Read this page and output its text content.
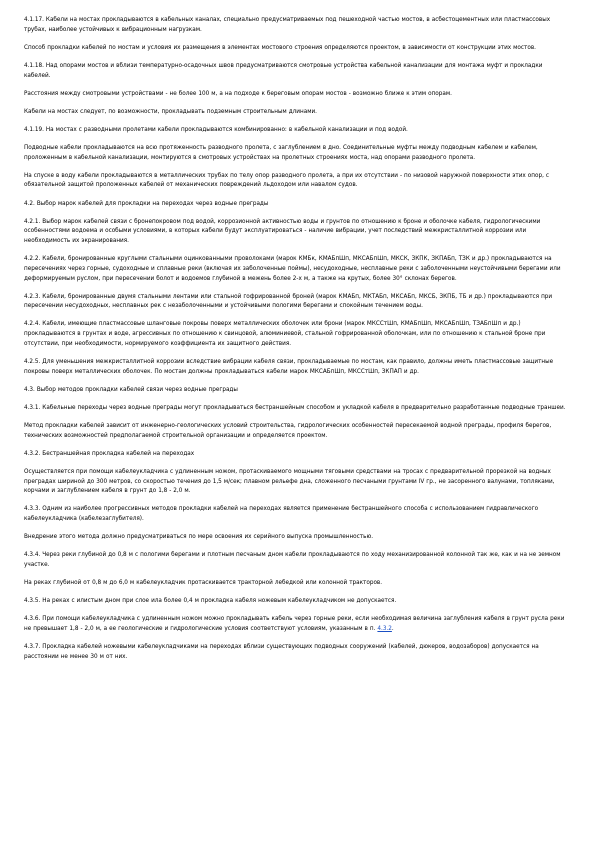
4.1.17. Кабели на мостах прокладываются в кабельных каналах, специально предусматриваемых под пешеходной частью мостов, в асбестоцементных или пластмассовых трубах, наиболее устойчивых к вибрационным нагрузкам.

Способ прокладки кабелей по мостам и условия их размещения в элементах мостового строения определяются проектом, в зависимости от конструкции этих мостов.

4.1.18. Над опорами мостов и вблизи температурно-осадочных швов предусматриваются смотровые устройства кабельной канализации для монтажа муфт и прокладки кабелей.

Расстояния между смотровыми устройствами - не более 100 м, а на подходе к береговым опорам мостов - возможно ближе к этим опорам.

Кабели на мостах следует, по возможности, прокладывать подземным строительным длинами.

4.1.19. На мостах с разводными пролетами кабели прокладываются комбинированно: в кабельной канализации и под водой.

Подводные кабели прокладываются на всю протяженность разводного пролета, с заглублением в дно. Соединительные муфты между подводным кабелем и кабелем, проложенным в кабельной канализации, монтируются в смотровых устройствах на пролетных строениях моста, над опорами разводного пролета.

На спуске в воду кабели прокладываются в металлических трубах по телу опор разводного пролета, а при их отсутствии - по низовой наружной поверхности этих опор, с обязательной защитой проложенных кабелей от механических повреждений льдоходом или навалом судов.

4.2. Выбор марок кабелей для прокладки на переходах через водные преграды

4.2.1. Выбор марок кабелей связи с бронепокровом под водой, коррозионной активностью воды и грунтов по отношению к броне и оболочке кабеля, гидрологическими особенностями водоема и особыми условиями, в которых кабели будут эксплуатироваться - наличие вибрации, учет последствий межкристаллитной коррозии или необходимость их экранирования.

4.2.2. Кабели, бронированные круглыми стальными оцинкованными проволоками (марок КМБк, КМАБпШп, МКСАБпШп, МКСК, ЗКПК, ЗКПАБп, ТЗК и др.) прокладываются на пересечениях через горные, судоходные и сплавные реки (включая их заболоченные поймы), несудоходные, несплавные реки с заболоченными неустойчивыми берегами или деформируемым руслом, при пересечении болот и водоемов глубиной в межень более 2-х м, а также на крутых, более 30° склонах берегов.

4.2.3. Кабели, бронированные двумя стальными лентами или стальной гофрированной броней (марок КМАБп, МКТАБп, МКСАБп, МКСБ, ЗКПБ, ТБ и др.) прокладываются при пересечении несудоходных, несплавных рек с незаболоченными и устойчивыми пологими берегами и спокойным течением воды.

4.2.4. Кабели, имеющие пластмассовые шланговые покровы поверх металлических оболочек или брони (марок МКССтШп, КМАБпШп, МКСАБпШп, ТЗАБпШп и др.) прокладываются в грунтах и воде, агрессивных по отношению к свинцовой, алюминиевой, стальной гофрированной оболочкам, или по отношению к стальной броне при отсутствии, при необходимости, нормируемого коэффициента их защитного действия.

4.2.5. Для уменьшения межкристаллитной коррозии вследствие вибрации кабеля связи, прокладываемые по мостам, как правило, должны иметь пластмассовые защитные покровы поверх металлических оболочек. По мостам должны прокладываться кабели марок МКСАБпШп, МКССтШп, ЗКПАП и др.

4.3. Выбор методов прокладки кабелей связи через водные преграды

4.3.1. Кабельные переходы через водные преграды могут прокладываться бестраншейным способом и укладкой кабеля в предварительно разработанные подводные траншеи.

Метод прокладки кабелей зависит от инженерно-геологических условий строительства, гидрологических особенностей пересекаемой водной преграды, профиля берегов, технических возможностей предполагаемой строительной организации и определяется проектом.

4.3.2. Бестраншейная прокладка кабелей на переходах

Осуществляется при помощи кабелеукладчика с удлиненным ножом, протаскиваемого мощными тяговыми средствами на тросах с предварительной прорезкой на водных преградах шириной до 300 метров, со скоростью течения до 1,5 м/сек; плавном рельефе дна, сложенного песчаными грунтами IV гр., не засоренного валунами, топляками, корчами и заглублением кабеля в грунт до 1,8 - 2,0 м.

4.3.3. Одним из наиболее прогрессивных методов прокладки кабелей на переходах является применение бестраншейного способа с использованием гидравлического кабелеукладчика (кабелезаглубителя).

Внедрение этого метода должно предусматриваться по мере освоения их серийного выпуска промышленностью.

4.3.4. Через реки глубиной до 0,8 м с пологими берегами и плотным песчаным дном кабели прокладываются по ходу механизированной колонной так же, как и на не земном участке.

На реках глубиной от 0,8 м до 6,0 м кабелеукладчик протаскивается тракторной лебедкой или колонной тракторов.

4.3.5. На реках с илистым дном при слое ила более 0,4 м прокладка кабеля ножевым кабелеукладчиком не допускается.

4.3.6. При помощи кабелеукладчика с удлиненным ножом можно прокладывать кабель через горные реки, если необходимая величина заглубления кабеля в грунт русла реки не превышает 1,8 - 2,0 м, а ее геологические и гидрологические условия соответствуют условиям, указанным в п. 4.3.2.

4.3.7. Прокладка кабелей ножевыми кабелеукладчиками на переходах вблизи существующих подводных сооружений (кабелей, дюкеров, водозаборов) допускается на расстоянии не менее 30 м от них.
